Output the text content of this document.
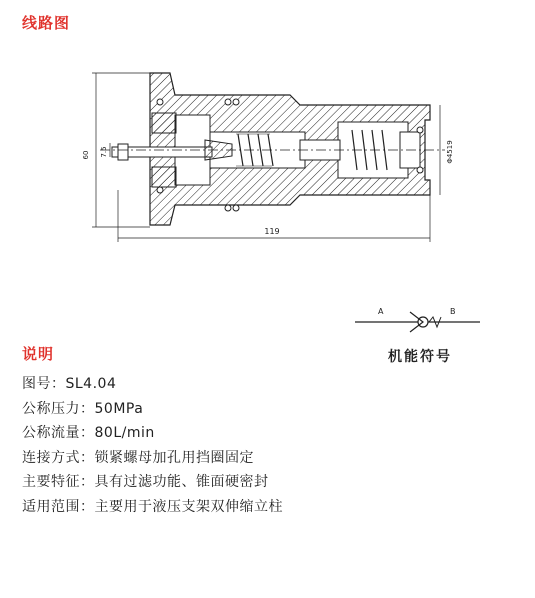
线路图
60 7.5
119
Φ4519
A	B
机能符号
说明
图号：SL4.04
公称压力：50MPa
公称流量：80L/min
连接方式：锁紧螺母加孔用挡圈固定
主要特征：具有过滤功能、锥面硬密封
适用范围：主要用于液压支架双伸缩立柱
